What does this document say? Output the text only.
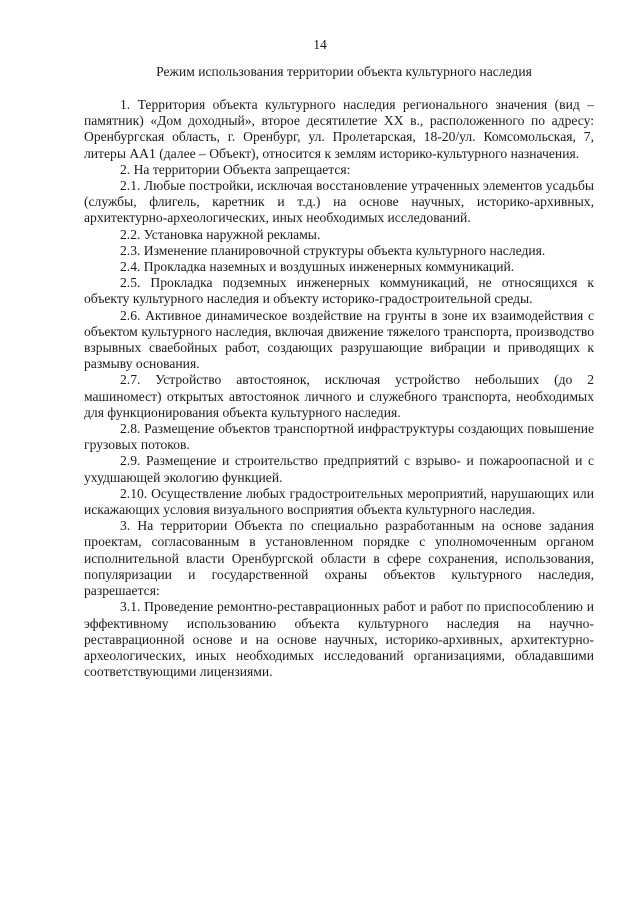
14
Режим использования территории объекта культурного наследия

1. Территория объекта культурного наследия регионального значения (вид – памятник) «Дом доходный», второе десятилетие XX в., расположенного по адресу: Оренбургская область, г. Оренбург, ул. Пролетарская, 18-20/ул. Комсомольская, 7, литеры АА1 (далее – Объект), относится к землям историко-культурного назначения.

2. На территории Объекта запрещается:

2.1. Любые постройки, исключая восстановление утраченных элементов усадьбы (службы, флигель, каретник и т.д.) на основе научных, историко-архивных, архитектурно-археологических, иных необходимых исследований.

2.2. Установка наружной рекламы.

2.3. Изменение планировочной структуры объекта культурного наследия.

2.4. Прокладка наземных и воздушных инженерных коммуникаций.

2.5. Прокладка подземных инженерных коммуникаций, не относящихся к объекту культурного наследия и объекту историко-градостроительной среды.

2.6. Активное динамическое воздействие на грунты в зоне их взаимодействия с объектом культурного наследия, включая движение тяжелого транспорта, производство взрывных сваебойных работ, создающих разрушающие вибрации и приводящих к размыву основания.

2.7. Устройство автостоянок, исключая устройство небольших (до 2 машиномест) открытых автостоянок личного и служебного транспорта, необходимых для функционирования объекта культурного наследия.

2.8. Размещение объектов транспортной инфраструктуры создающих повышение грузовых потоков.

2.9. Размещение и строительство предприятий с взрыво- и пожароопасной и с ухудшающей экологию функцией.

2.10. Осуществление любых градостроительных мероприятий, нарушающих или искажающих условия визуального восприятия объекта культурного наследия.

3. На территории Объекта по специально разработанным на основе задания проектам, согласованным в установленном порядке с уполномоченным органом исполнительной власти Оренбургской области в сфере сохранения, использования, популяризации и государственной охраны объектов культурного наследия, разрешается:

3.1. Проведение ремонтно-реставрационных работ и работ по приспособлению и эффективному использованию объекта культурного наследия на научно-реставрационной основе и на основе научных, историко-архивных, архитектурно-археологических, иных необходимых исследований организациями, обладавшими соответствующими лицензиями.
